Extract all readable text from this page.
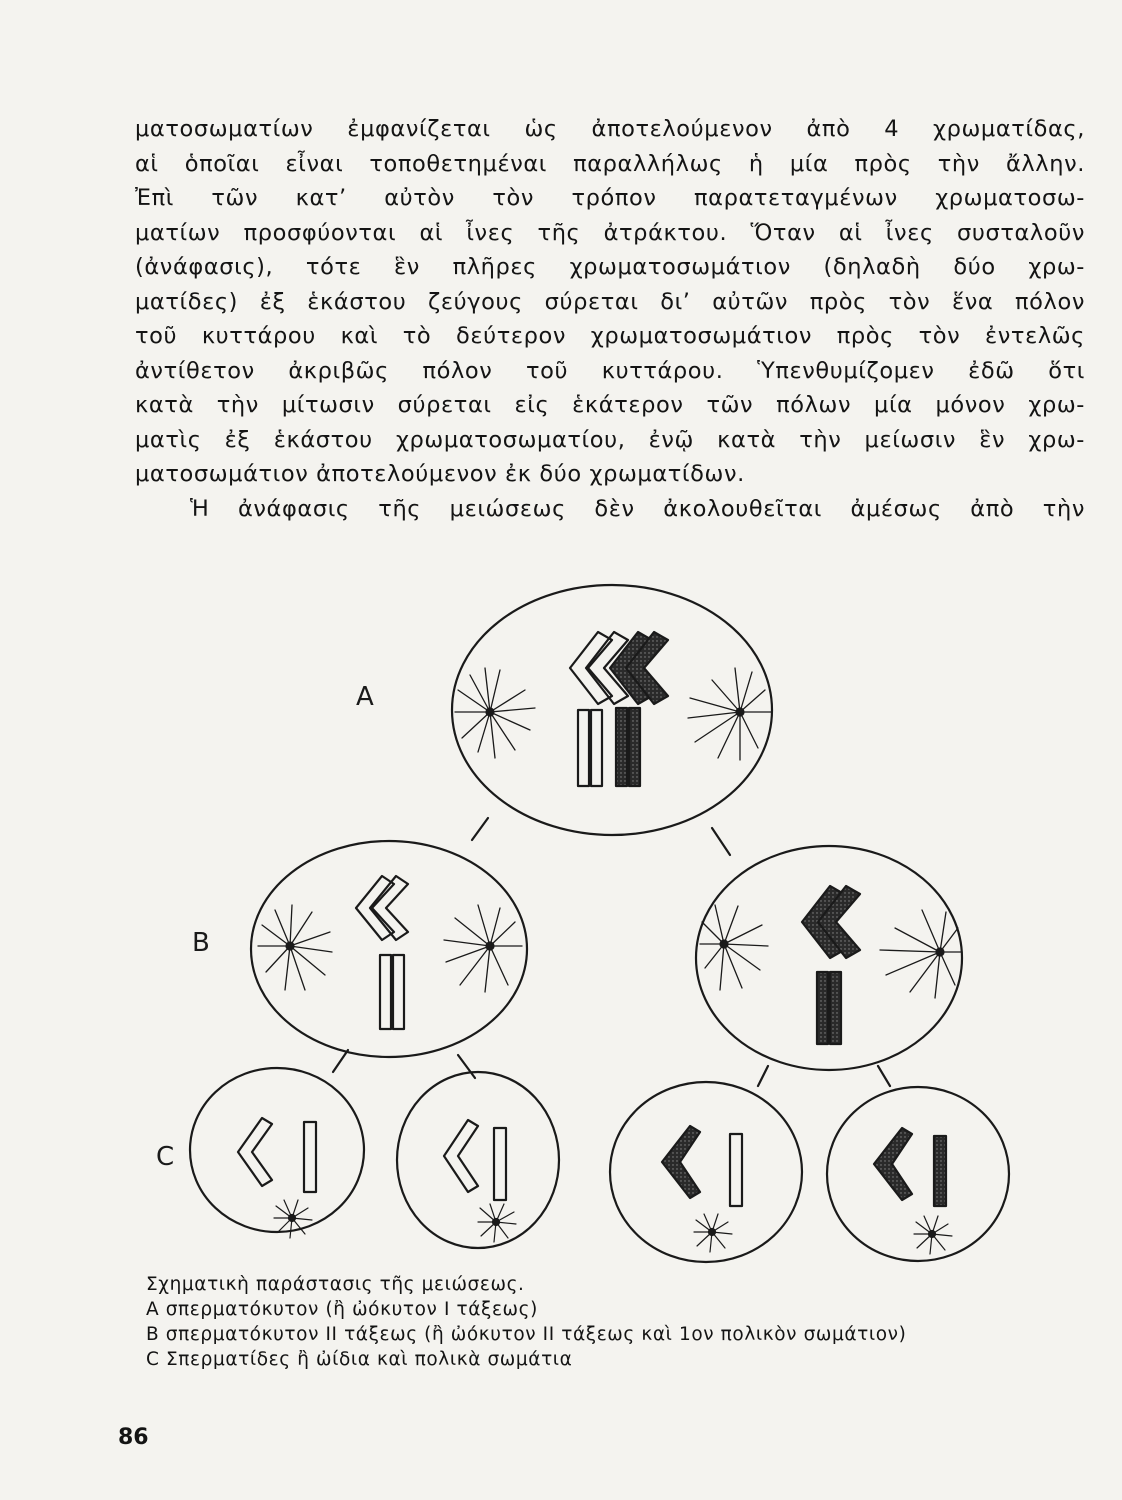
ματοσωματίων ἐμφανίζεται ὡς ἀποτελούμενον ἀπὸ 4 χρωματίδας,
αἱ ὁποῖαι εἶναι τοποθετημέναι παραλλήλως ἡ μία πρὸς τὴν ἄλλην.
Ἐπὶ τῶν κατ’ αὐτὸν τὸν τρόπον παρατεταγμένων χρωματοσω-
ματίων προσφύονται αἱ ἶνες τῆς ἀτράκτου. Ὅταν αἱ ἶνες συσταλοῦν
(ἀνάφασις), τότε ἓν πλῆρες χρωματοσωμάτιον (δηλαδὴ δύο χρω-
ματίδες) ἐξ ἑκάστου ζεύγους σύρεται δι’ αὐτῶν πρὸς τὸν ἕνα πόλον
τοῦ κυττάρου καὶ τὸ δεύτερον χρωματοσωμάτιον πρὸς τὸν ἐντελῶς
ἀντίθετον ἀκριβῶς πόλον τοῦ κυττάρου. Ὑπενθυμίζομεν ἐδῶ ὅτι
κατὰ τὴν μίτωσιν σύρεται εἰς ἑκάτερον τῶν πόλων μία μόνον χρω-
ματὶς ἐξ ἑκάστου χρωματοσωματίου, ἐνῷ κατὰ τὴν μείωσιν ἓν χρω-
ματοσωμάτιον ἀποτελούμενον ἐκ δύο χρωματίδων.
Ἡ ἀνάφασις τῆς μειώσεως δὲν ἀκολουθεῖται ἀμέσως ἀπὸ τὴν
A
B
C
Σχηματικὴ παράστασις τῆς μειώσεως.
A σπερματόκυτον (ἢ ὠόκυτον I τάξεως)
B σπερματόκυτον II τάξεως (ἢ ὠόκυτον II τάξεως καὶ 1ον πολικὸν σωμάτιον)
C Σπερματίδες ἢ ὠίδια καὶ πολικὰ σωμάτια
86
